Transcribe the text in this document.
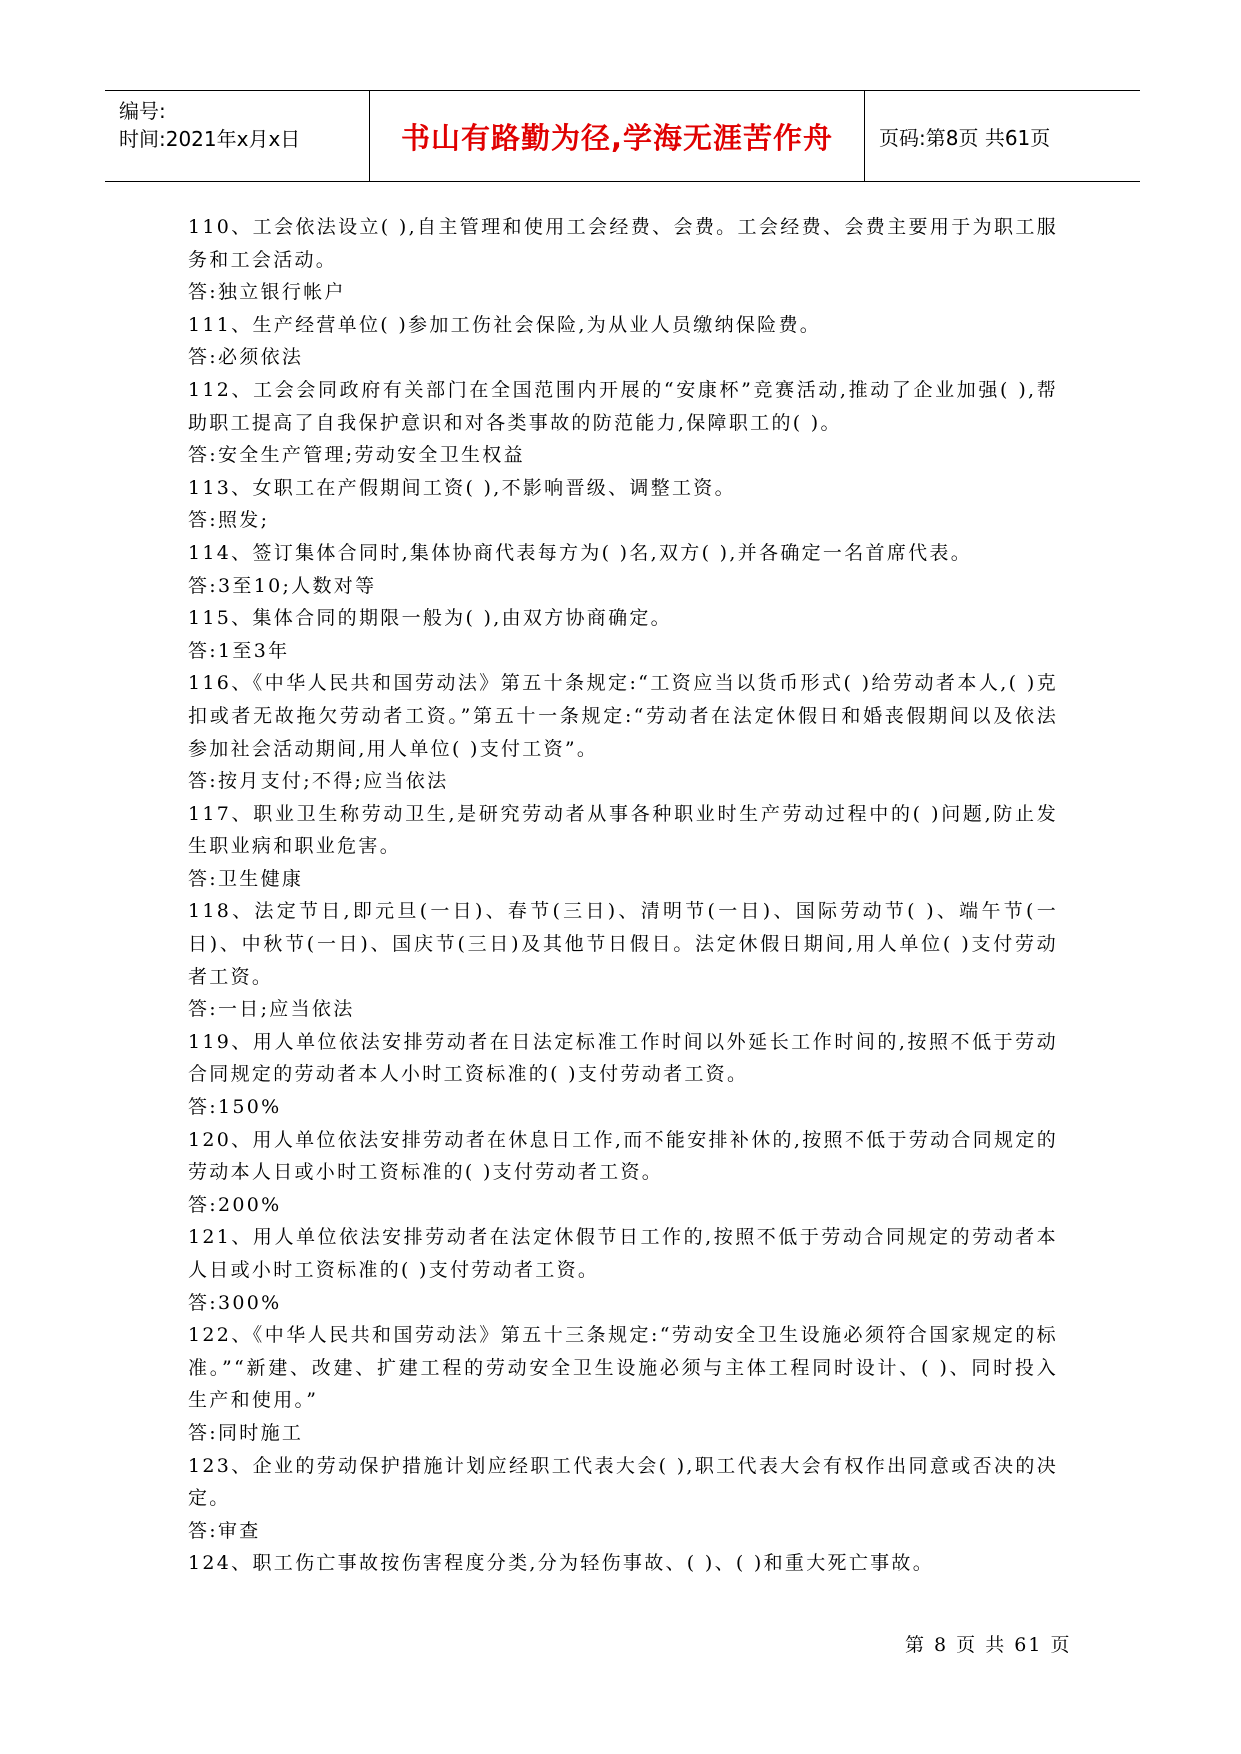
编号:
时间:2021年x月x日	书山有路勤为径,学海无涯苦作舟 页码:第8页 共61页

110、工会依法设立( ),自主管理和使用工会经费、会费。工会经费、会费主要用于为职工服务和工会活动。

答:独立银行帐户

111、生产经营单位( )参加工伤社会保险,为从业人员缴纳保险费。

答:必须依法

112、工会会同政府有关部门在全国范围内开展的“安康杯”竞赛活动,推动了企业加强( ),帮助职工提高了自我保护意识和对各类事故的防范能力,保障职工的( )。

答:安全生产管理;劳动安全卫生权益

113、女职工在产假期间工资( ),不影响晋级、调整工资。

答:照发;

114、签订集体合同时,集体协商代表每方为( )名,双方( ),并各确定一名首席代表。

答:3至10;人数对等

115、集体合同的期限一般为( ),由双方协商确定。

答:1至3年

116、《中华人民共和国劳动法》第五十条规定:“工资应当以货币形式( )给劳动者本人,( )克扣或者无故拖欠劳动者工资。”第五十一条规定:“劳动者在法定休假日和婚丧假期间以及依法参加社会活动期间,用人单位( )支付工资”。

答:按月支付;不得;应当依法

117、职业卫生称劳动卫生,是研究劳动者从事各种职业时生产劳动过程中的( )问题,防止发生职业病和职业危害。

答:卫生健康

118、法定节日,即元旦(一日)、春节(三日)、清明节(一日)、国际劳动节( )、端午节(一日)、中秋节(一日)、国庆节(三日)及其他节日假日。法定休假日期间,用人单位( )支付劳动者工资。

答:一日;应当依法

119、用人单位依法安排劳动者在日法定标准工作时间以外延长工作时间的,按照不低于劳动合同规定的劳动者本人小时工资标准的( )支付劳动者工资。

答:150%

120、用人单位依法安排劳动者在休息日工作,而不能安排补休的,按照不低于劳动合同规定的劳动本人日或小时工资标准的( )支付劳动者工资。

答:200%

121、用人单位依法安排劳动者在法定休假节日工作的,按照不低于劳动合同规定的劳动者本人日或小时工资标准的( )支付劳动者工资。

答:300%

122、《中华人民共和国劳动法》第五十三条规定:“劳动安全卫生设施必须符合国家规定的标准。”“新建、改建、扩建工程的劳动安全卫生设施必须与主体工程同时设计、( )、同时投入生产和使用。”

答:同时施工

123、企业的劳动保护措施计划应经职工代表大会( ),职工代表大会有权作出同意或否决的决定。

答:审查

124、职工伤亡事故按伤害程度分类,分为轻伤事故、( )、( )和重大死亡事故。

第 8 页 共 61 页
